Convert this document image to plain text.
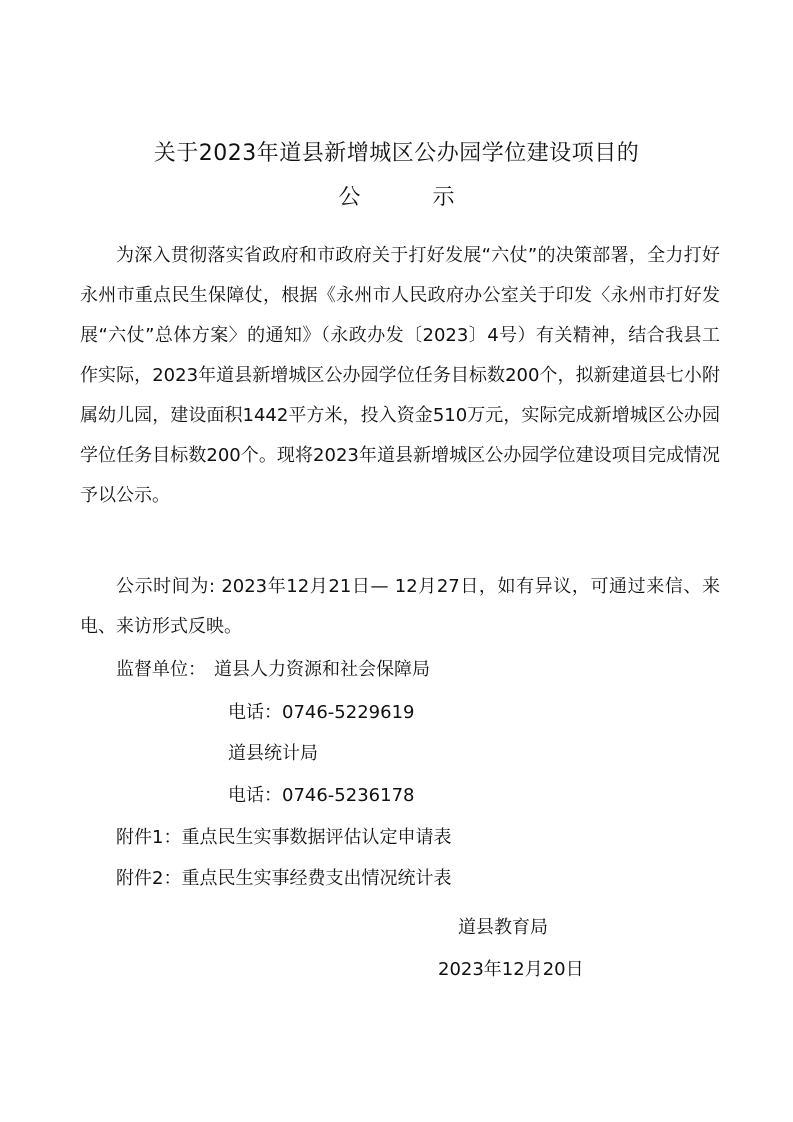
关于2023年道县新增城区公办园学位建设项目的
公示

为深入贯彻落实省政府和市政府关于打好发展“六仗”的决策部署，全力打好永州市重点民生保障仗，根据《永州市人民政府办公室关于印发〈永州市打好发展“六仗”总体方案〉的通知》（永政办发〔2023〕4号）有关精神，结合我县工作实际，2023年道县新增城区公办园学位任务目标数200个，拟新建道县七小附属幼儿园，建设面积1442平方米，投入资金510万元，实际完成新增城区公办园学位任务目标数200个。现将2023年道县新增城区公办园学位建设项目完成情况予以公示。

公示时间为: 2023年12月21日— 12月27日，如有异议，可通过来信、来电、来访形式反映。

监督单位： 道县人力资源和社会保障局
电话：0746-5229619
道县统计局
电话：0746-5236178
附件1：重点民生实事数据评估认定申请表
附件2：重点民生实事经费支出情况统计表
道县教育局
2023年12月20日
